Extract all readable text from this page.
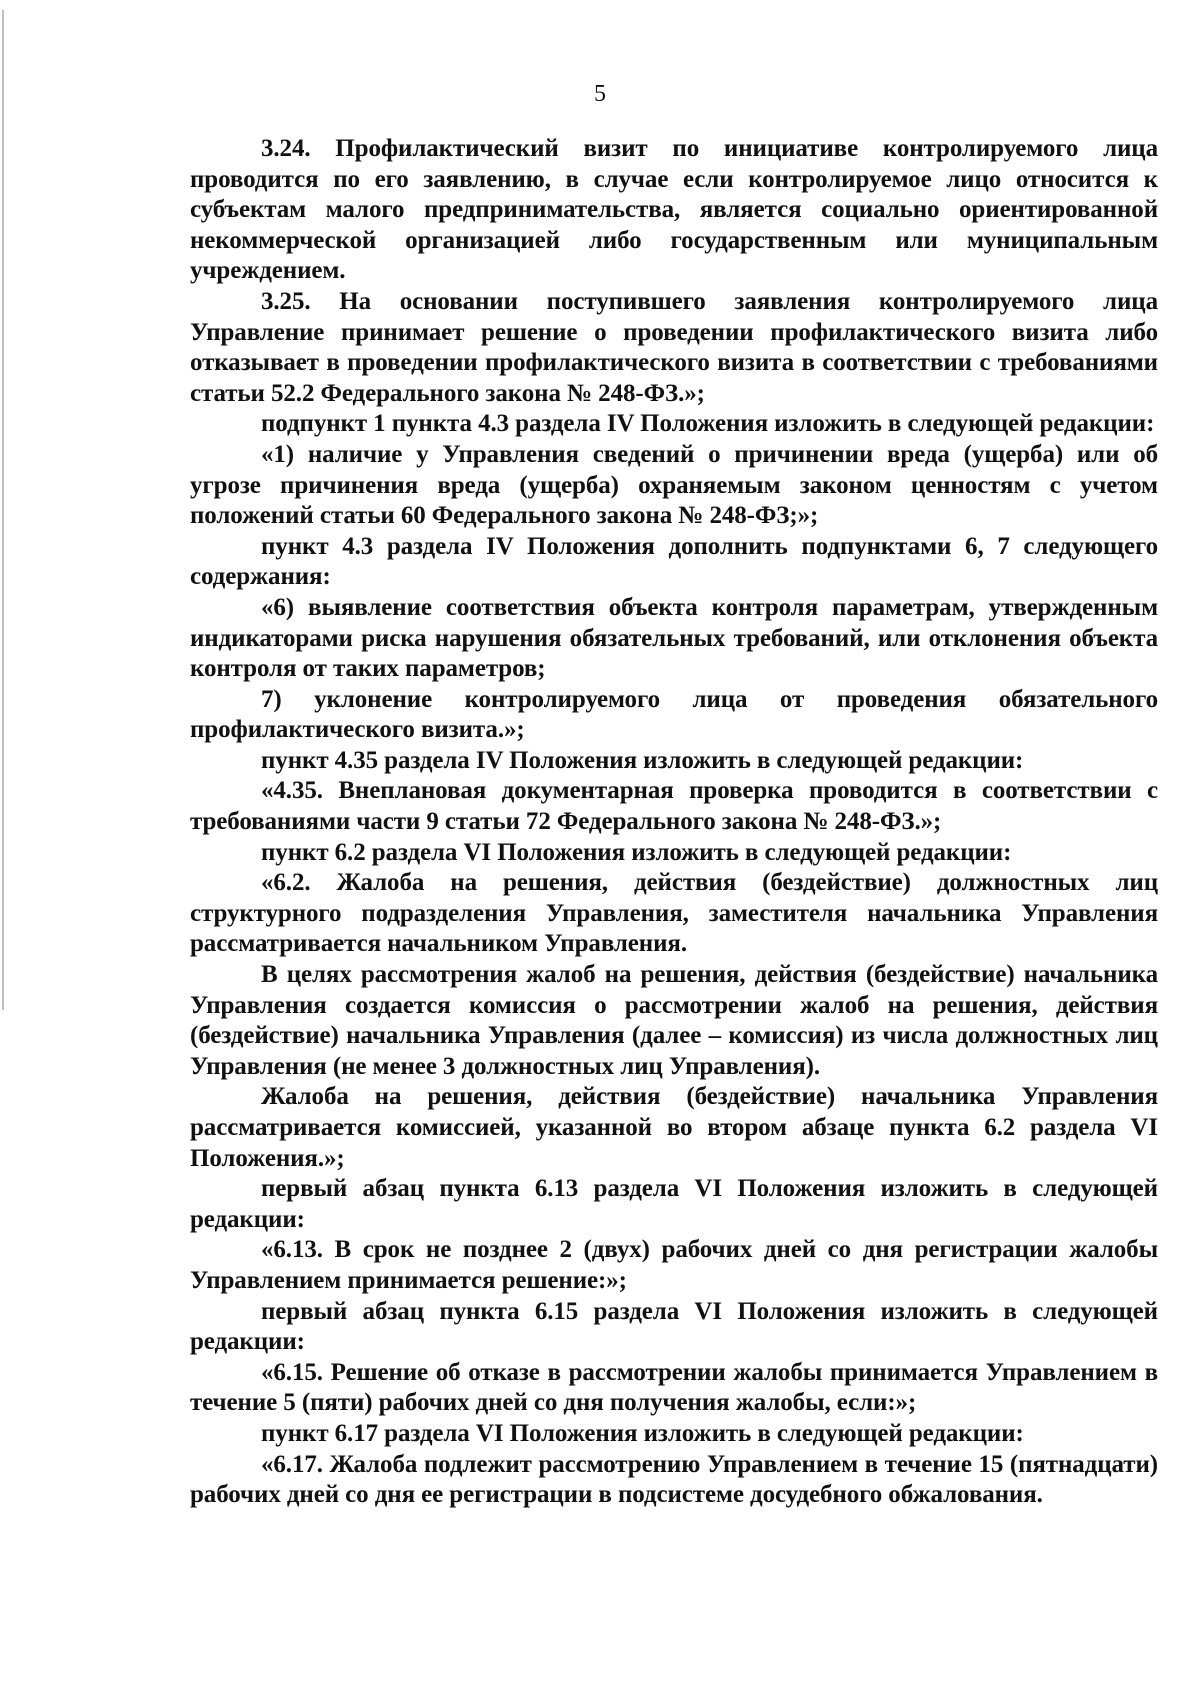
5

3.24. Профилактический визит по инициативе контролируемого лица проводится по его заявлению, в случае если контролируемое лицо относится к субъектам малого предпринимательства, является социально ориентированной некоммерческой организацией либо государственным или муниципальным учреждением.

3.25. На основании поступившего заявления контролируемого лица Управление принимает решение о проведении профилактического визита либо отказывает в проведении профилактического визита в соответствии с требованиями статьи 52.2 Федерального закона № 248-ФЗ.»;

подпункт 1 пункта 4.3 раздела IV Положения изложить в следующей редакции:

«1) наличие у Управления сведений о причинении вреда (ущерба) или об угрозе причинения вреда (ущерба) охраняемым законом ценностям с учетом положений статьи 60 Федерального закона № 248-ФЗ;»;

пункт 4.3 раздела IV Положения дополнить подпунктами 6, 7 следующего содержания:

«6) выявление соответствия объекта контроля параметрам, утвержденным индикаторами риска нарушения обязательных требований, или отклонения объекта контроля от таких параметров;

7) уклонение контролируемого лица от проведения обязательного профилактического визита.»;

пункт 4.35 раздела IV Положения изложить в следующей редакции:

«4.35. Внеплановая документарная проверка проводится в соответствии с требованиями части 9 статьи 72 Федерального закона № 248-ФЗ.»;

пункт 6.2 раздела VI Положения изложить в следующей редакции:

«6.2. Жалоба на решения, действия (бездействие) должностных лиц структурного подразделения Управления, заместителя начальника Управления рассматривается начальником Управления.

В целях рассмотрения жалоб на решения, действия (бездействие) начальника Управления создается комиссия о рассмотрении жалоб на решения, действия (бездействие) начальника Управления (далее – комиссия) из числа должностных лиц Управления (не менее 3 должностных лиц Управления).

Жалоба на решения, действия (бездействие) начальника Управления рассматривается комиссией, указанной во втором абзаце пункта 6.2 раздела VI Положения.»;

первый абзац пункта 6.13 раздела VI Положения изложить в следующей редакции:

«6.13. В срок не позднее 2 (двух) рабочих дней со дня регистрации жалобы Управлением принимается решение:»;

первый абзац пункта 6.15 раздела VI Положения изложить в следующей редакции:

«6.15. Решение об отказе в рассмотрении жалобы принимается Управлением в течение 5 (пяти) рабочих дней со дня получения жалобы, если:»;

пункт 6.17 раздела VI Положения изложить в следующей редакции:

«6.17. Жалоба подлежит рассмотрению Управлением в течение 15 (пятнадцати) рабочих дней со дня ее регистрации в подсистеме досудебного обжалования.
